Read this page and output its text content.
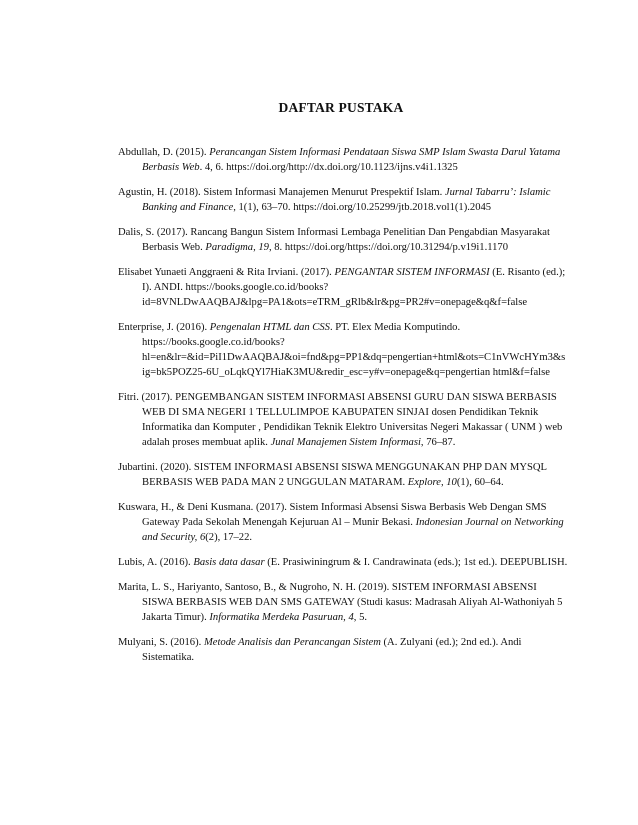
DAFTAR PUSTAKA

Abdullah, D. (2015). Perancangan Sistem Informasi Pendataan Siswa SMP Islam Swasta Darul Yatama Berbasis Web. 4, 6. https://doi.org/http://dx.doi.org/10.1123/ijns.v4i1.1325

Agustin, H. (2018). Sistem Informasi Manajemen Menurut Prespektif Islam. Jurnal Tabarru’: Islamic Banking and Finance, 1(1), 63–70. https://doi.org/10.25299/jtb.2018.vol1(1).2045

Dalis, S. (2017). Rancang Bangun Sistem Informasi Lembaga Penelitian Dan Pengabdian Masyarakat Berbasis Web. Paradigma, 19, 8. https://doi.org/https://doi.org/10.31294/p.v19i1.1170

Elisabet Yunaeti Anggraeni & Rita Irviani. (2017). PENGANTAR SISTEM INFORMASI (E. Risanto (ed.); I). ANDI. https://books.google.co.id/books?id=8VNLDwAAQBAJ&lpg=PA1&ots=eTRM_gRlb&lr&pg=PR2#v=onepage&q&f=false

Enterprise, J. (2016). Pengenalan HTML dan CSS. PT. Elex Media Komputindo. https://books.google.co.id/books?hl=en&lr=&id=PiI1DwAAQBAJ&oi=fnd&pg=PP1&dq=pengertian+html&ots=C1nVWcHYm3&sig=bk5POZ25-6U_oLqkQYl7HiaK3MU&redir_esc=y#v=onepage&q=pengertian html&f=false

Fitri. (2017). PENGEMBANGAN SISTEM INFORMASI ABSENSI GURU DAN SISWA BERBASIS WEB DI SMA NEGERI 1 TELLULIMPOE KABUPATEN SINJAI dosen Pendidikan Teknik Informatika dan Komputer , Pendidikan Teknik Elektro Universitas Negeri Makassar ( UNM ) web adalah proses membuat aplik. Junal Manajemen Sistem Informasi, 76–87.

Jubartini. (2020). SISTEM INFORMASI ABSENSI SISWA MENGGUNAKAN PHP DAN MYSQL BERBASIS WEB PADA MAN 2 UNGGULAN MATARAM. Explore, 10(1), 60–64.

Kuswara, H., & Deni Kusmana. (2017). Sistem Informasi Absensi Siswa Berbasis Web Dengan SMS Gateway Pada Sekolah Menengah Kejuruan Al – Munir Bekasi. Indonesian Journal on Networking and Security, 6(2), 17–22.

Lubis, A. (2016). Basis data dasar (E. Prasiwiningrum & I. Candrawinata (eds.); 1st ed.). DEEPUBLISH.

Marita, L. S., Hariyanto, Santoso, B., & Nugroho, N. H. (2019). SISTEM INFORMASI ABSENSI SISWA BERBASIS WEB DAN SMS GATEWAY (Studi kasus: Madrasah Aliyah Al-Wathoniyah 5 Jakarta Timur). Informatika Merdeka Pasuruan, 4, 5.

Mulyani, S. (2016). Metode Analisis dan Perancangan Sistem (A. Zulyani (ed.); 2nd ed.). Andi Sistematika.
